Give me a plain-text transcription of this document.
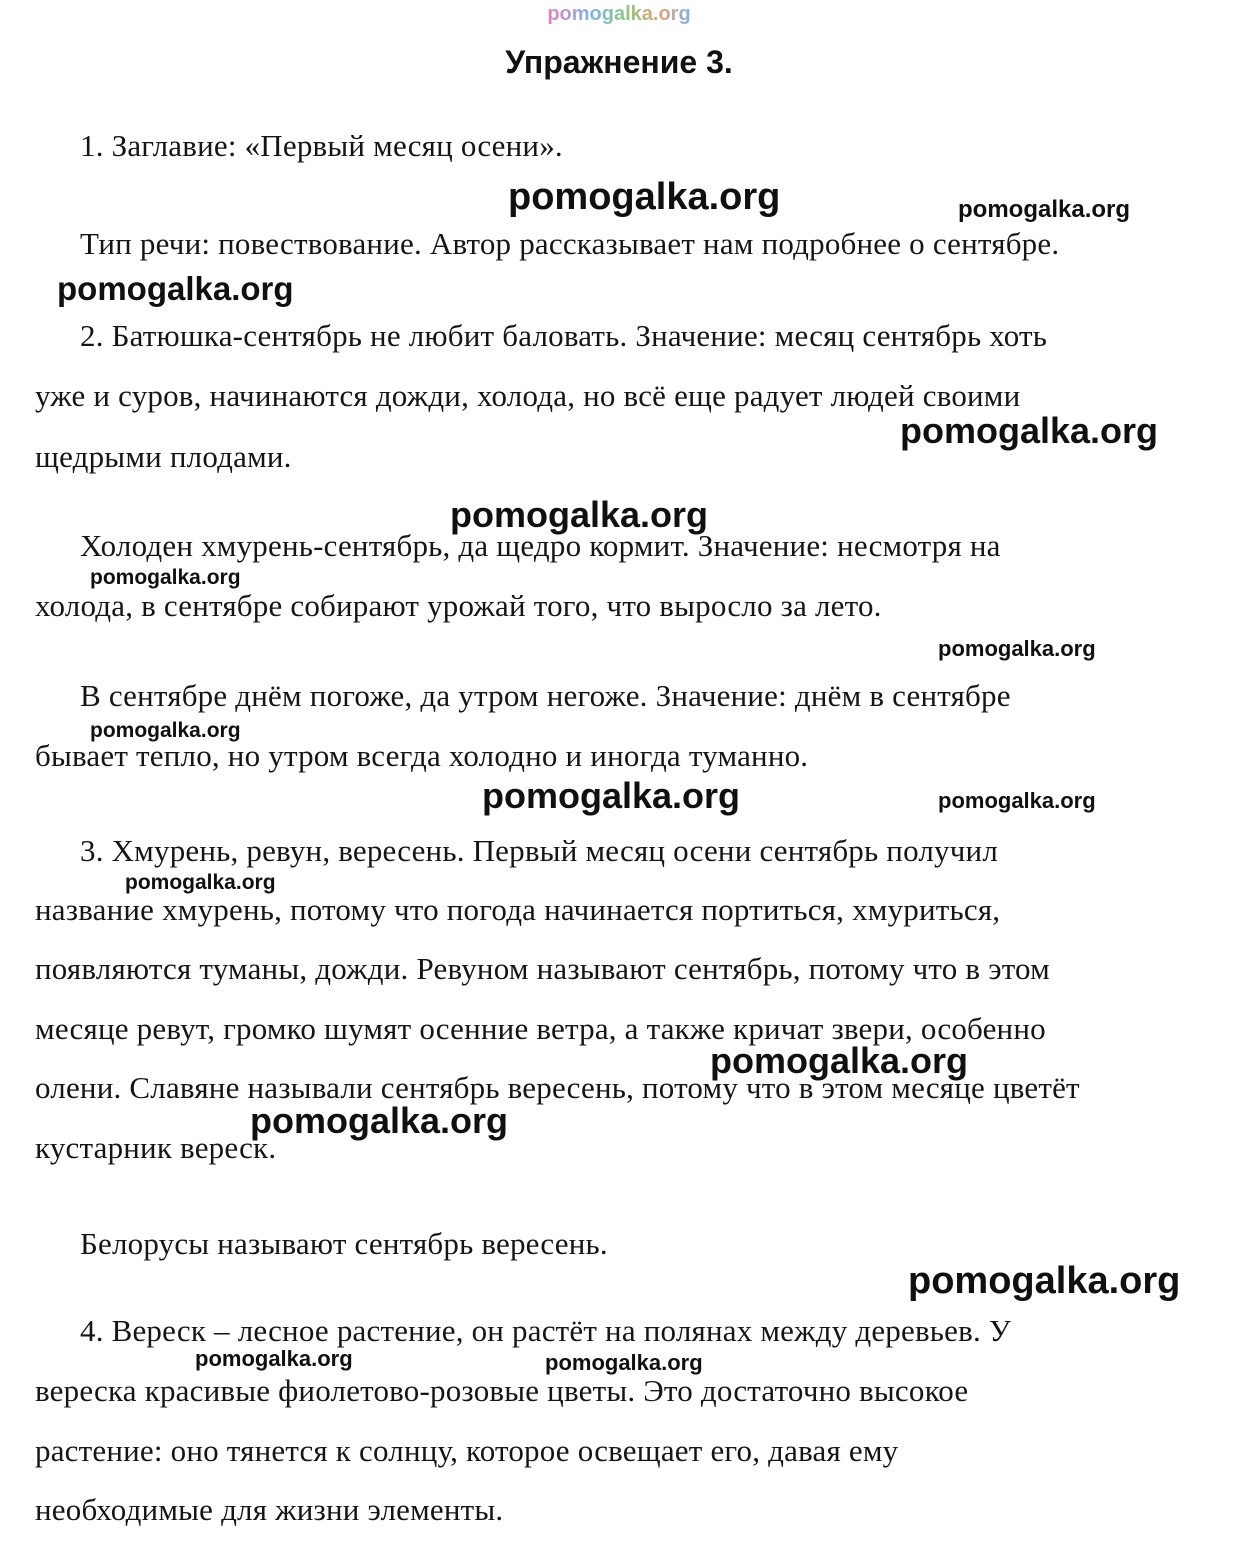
pomogalka.org
Упражнение 3.
1. Заглавие: «Первый месяц осени».
pomogalka.org	pomogalka.org
Тип речи: повествование. Автор рассказывает нам подробнее о сентябре.
pomogalka.org
2. Батюшка-сентябрь не любит баловать. Значение: месяц сентябрь хоть
уже и суров, начинаются дожди, холода, но всё еще радует людей своими
pomogalka.org
щедрыми плодами.
pomogalka.org
Холоден хмурень-сентябрь, да щедро кормит. Значение: несмотря на
pomogalka.org
холода, в сентябре собирают урожай того, что выросло за лето.
pomogalka.org
В сентябре днём погоже, да утром негоже. Значение: днём в сентябре
pomogalka.org
бывает тепло, но утром всегда холодно и иногда туманно.
pomogalka.org	pomogalka.org
3. Хмурень, ревун, вересень. Первый месяц осени сентябрь получил
pomogalka.org
название хмурень, потому что погода начинается портиться, хмуриться,
появляются туманы, дожди. Ревуном называют сентябрь, потому что в этом
месяце ревут, громко шумят осенние ветра, а также кричат звери, особенно
pomogalka.org
олени. Славяне называли сентябрь вересень, потому что в этом месяце цветёт
pomogalka.org
кустарник вереск.
Белорусы называют сентябрь вересень.
pomogalka.org
4. Вереск – лесное растение, он растёт на полянах между деревьев. У
pomogalka.org	pomogalka.org
вереска красивые фиолетово-розовые цветы. Это достаточно высокое
растение: оно тянется к солнцу, которое освещает его, давая ему
необходимые для жизни элементы.
